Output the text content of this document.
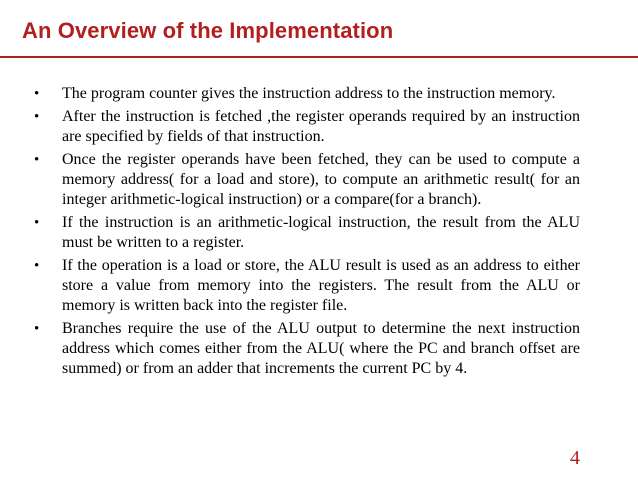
An Overview of the Implementation
• The program counter gives the instruction address to the instruction memory.
• After the instruction is fetched ,the register operands required by an instruction are specified by fields of that instruction.
• Once the register operands have been fetched, they can be used to compute a memory address( for a load and store), to compute an arithmetic result( for an integer arithmetic-logical instruction) or a compare(for a branch).
• If the instruction is an arithmetic-logical instruction, the result from the ALU must be written to a register.
• If the operation is a load or store, the ALU result is used as an address to either store a value from memory into the registers. The result from the ALU or memory is written back into the register file.
• Branches require the use of the ALU output to determine the next instruction address which comes either from the ALU( where the PC and branch offset are summed) or from an adder that increments the current PC by 4.
4
